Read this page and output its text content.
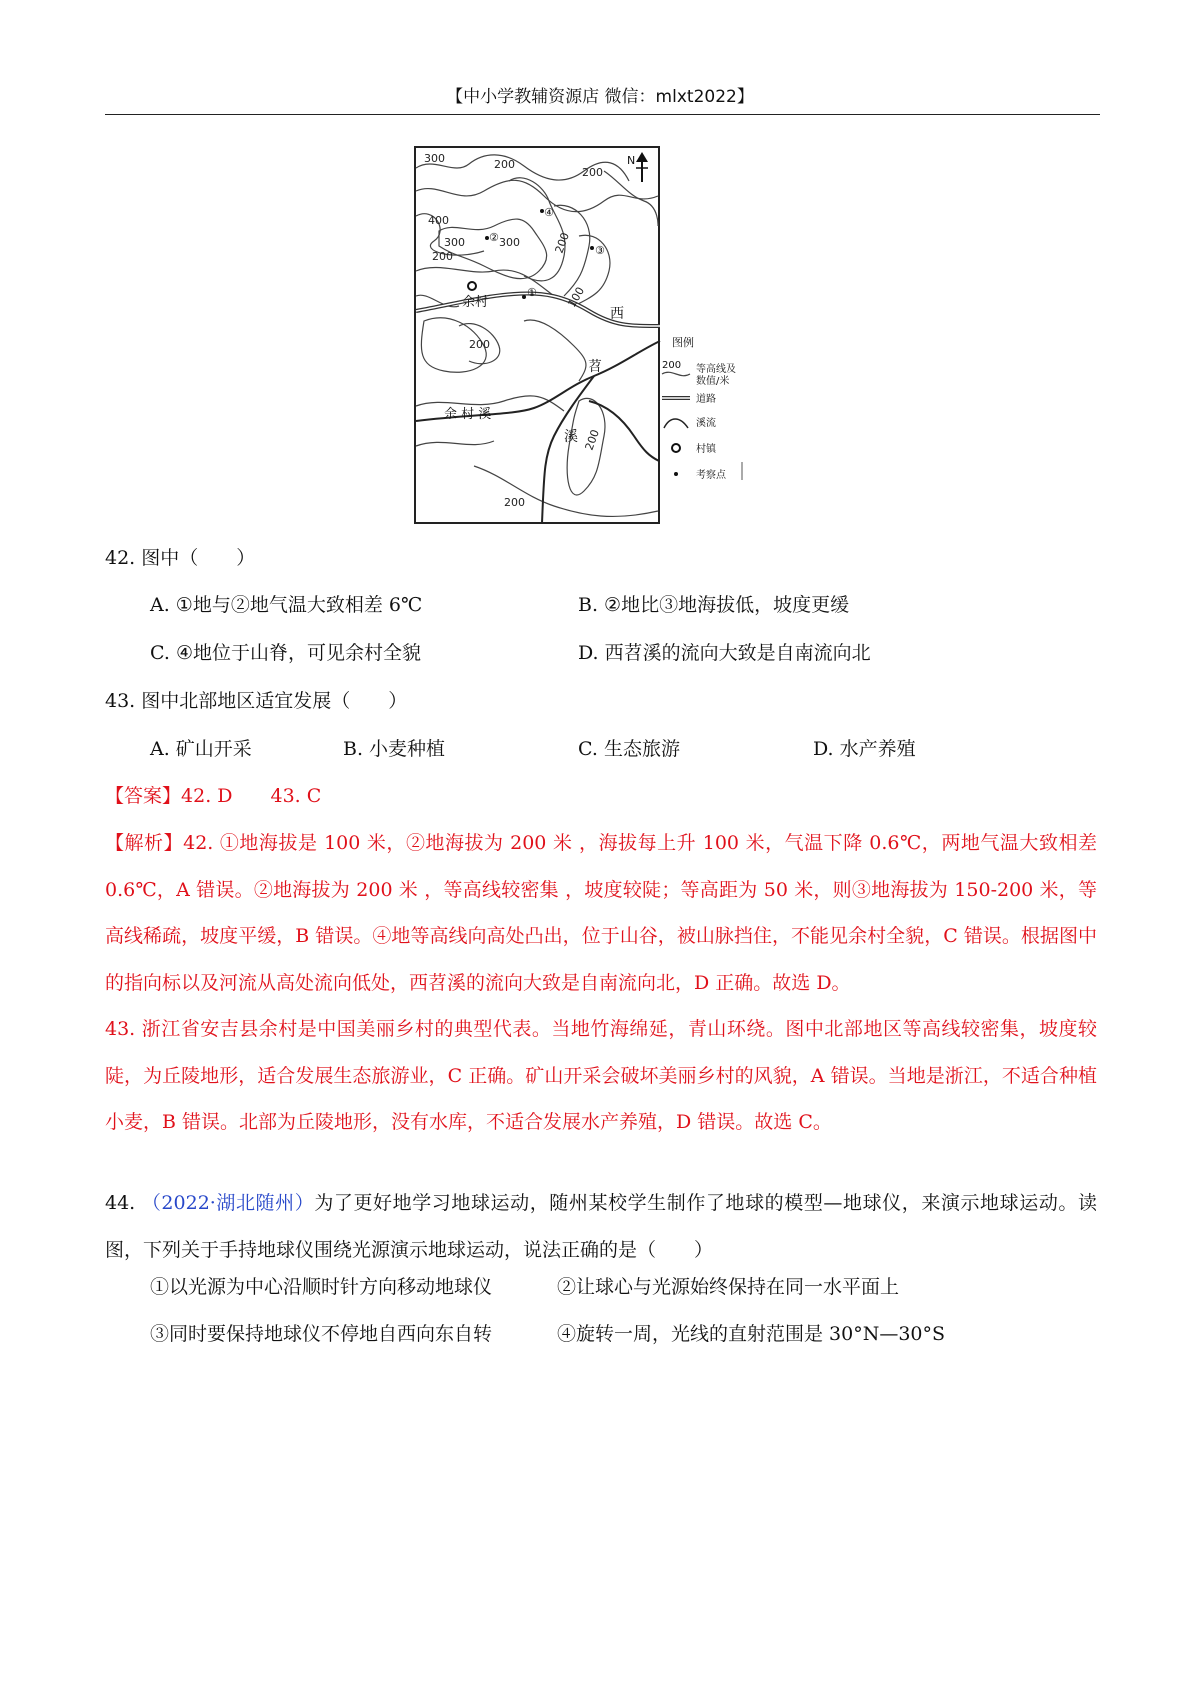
【中小学教辅资源店 微信：mlxt2022】
300	200
200
400
300	300	200
100
200
200
200
200
余村
①
②
③
④
西
苕
溪
余 村 溪
N
图例
200 等高线及
数值/米
道路
溪流
村镇
考察点
42. 图中（　　）
A. ①地与②地气温大致相差 6℃	B. ②地比③地海拔低，坡度更缓
C. ④地位于山脊，可见余村全貌	D. 西苕溪的流向大致是自南流向北
43. 图中北部地区适宜发展（　　）
A. 矿山开采	B. 小麦种植	C. 生态旅游	D. 水产养殖
【答案】42. D　　43. C

【解析】42. ①地海拔是 100 米，②地海拔为 200 米 ，海拔每上升 100 米，气温下降 0.6℃，两地气温大致相差 0.6℃，A 错误。②地海拔为 200 米 ，等高线较密集 ，坡度较陡；等高距为 50 米，则③地海拔为 150-200 米，等高线稀疏，坡度平缓，B 错误。④地等高线向高处凸出，位于山谷，被山脉挡住，不能见余村全貌，C 错误。根据图中的指向标以及河流从高处流向低处，西苕溪的流向大致是自南流向北，D 正确。故选 D。

43. 浙江省安吉县余村是中国美丽乡村的典型代表。当地竹海绵延，青山环绕。图中北部地区等高线较密集，坡度较陡，为丘陵地形，适合发展生态旅游业，C 正确。矿山开采会破坏美丽乡村的风貌，A 错误。当地是浙江，不适合种植小麦，B 错误。北部为丘陵地形，没有水库，不适合发展水产养殖，D 错误。故选 C。

44. （2022·湖北随州）为了更好地学习地球运动，随州某校学生制作了地球的模型—地球仪，来演示地球运动。读图，下列关于手持地球仪围绕光源演示地球运动，说法正确的是（　　）

①以光源为中心沿顺时针方向移动地球仪	②让球心与光源始终保持在同一水平面上
③同时要保持地球仪不停地自西向东自转	④旋转一周，光线的直射范围是 30°N—30°S
